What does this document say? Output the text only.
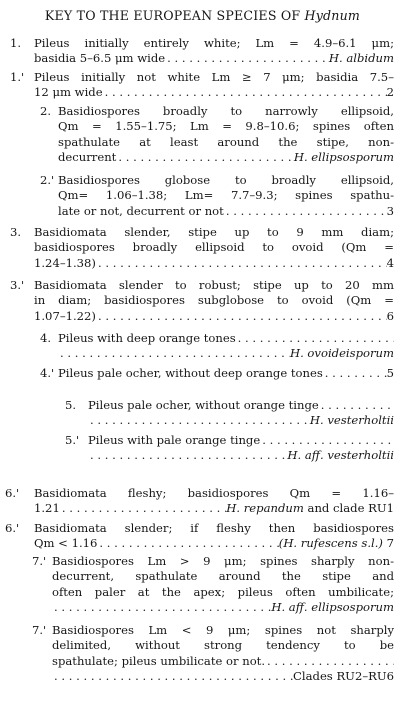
KEY TO THE EUROPEAN SPECIES OF Hydnum
1. Pileus initially entirely white; Lm = 4.9–6.1 μm;
basidia 5–6.5 μm wide . . .	H. albidum
1.' Pileus initially not white Lm ≥ 7 μm; basidia 7.5–
12 μm wide . . .	2
2. Basidiospores broadly to narrowly ellipsoid,
Qm = 1.55–1.75; Lm = 9.8–10.6; spines often
spathulate at least around the stipe, non-
decurrent . . .	H. ellipsosporum
2.' Basidiospores globose to broadly ellipsoid,
Qm= 1.06–1.38; Lm= 7.7–9.3; spines spathu-
late or not, decurrent or not . . .	3
3. Basidiomata slender, stipe up to 9 mm diam;
basidiospores broadly ellipsoid to ovoid (Qm =
1.24–1.38) . . .	4
3.' Basidiomata slender to robust; stipe up to 20 mm
in diam; basidiospores subglobose to ovoid (Qm =
1.07–1.22) . . .	6
4. Pileus with deep orange tones
. . .
. . .
H. ovoideisporum
4.' Pileus pale ocher, without deep orange tones . . .	5
5. Pileus pale ocher, without orange tinge
. . .
. . .
H. vesterholtii
5.' Pileus with pale orange tinge
. . .
. . .
H. aff. vesterholtii
6.' Basidiomata fleshy; basidiospores Qm = 1.16–
1.21 . . .	H. repandum and clade RU1
6.' Basidiomata slender; if fleshy then basidiospores
Qm < 1.16 . . .	(H. rufescens s.l.) 7
7.' Basidiospores Lm > 9 μm; spines sharply non-
decurrent, spathulate around the stipe and
often paler at the apex; pileus often umbilicate;
. . .
H. aff. ellipsosporum
7.' Basidiospores Lm < 9 μm; spines not sharply
delimited, without strong tendency to be
spathulate; pileus umbilicate or not.
. . .
. . .
Clades RU2–RU6
